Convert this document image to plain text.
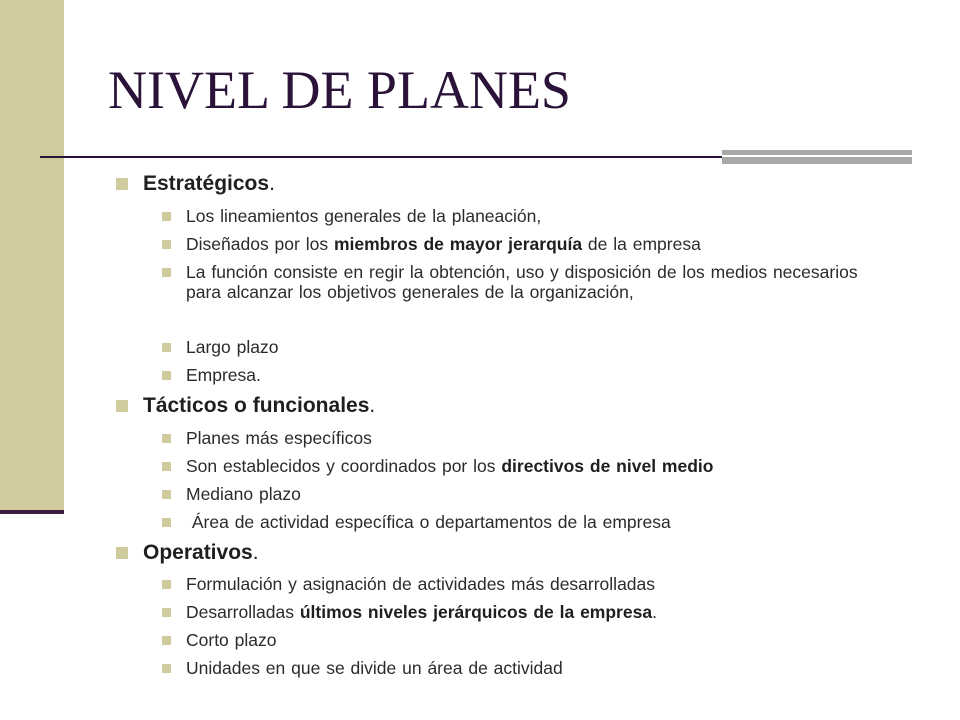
NIVEL DE PLANES
Estratégicos.
Los lineamientos generales de la planeación,
Diseñados por los miembros de mayor jerarquía de la empresa
La función consiste en regir la obtención, uso y disposición de los medios necesarios para alcanzar los objetivos generales de la organización,
Largo plazo
Empresa.
Tácticos o funcionales.
Planes más específicos
Son establecidos y coordinados por los directivos de nivel medio
Mediano plazo
Área de actividad específica o departamentos de la empresa
Operativos.
Formulación y asignación de actividades más desarrolladas
Desarrolladas últimos niveles jerárquicos de la empresa.
Corto plazo
Unidades en que se divide un área de actividad
